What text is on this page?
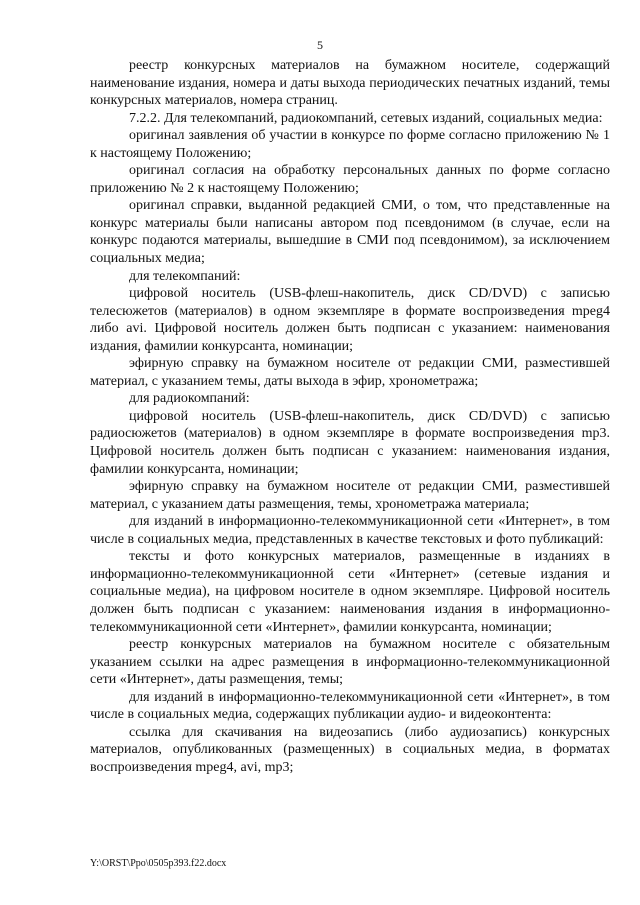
5

реестр конкурсных материалов на бумажном носителе, содержащий наименование издания, номера и даты выхода периодических печатных изданий, темы конкурсных материалов, номера страниц.

7.2.2. Для телекомпаний, радиокомпаний, сетевых изданий, социальных медиа:

оригинал заявления об участии в конкурсе по форме согласно приложению № 1 к настоящему Положению;

оригинал согласия на обработку персональных данных по форме согласно приложению № 2 к настоящему Положению;

оригинал справки, выданной редакцией СМИ, о том, что представленные на конкурс материалы были написаны автором под псевдонимом (в случае, если на конкурс подаются материалы, вышедшие в СМИ под псевдонимом), за исключением социальных медиа;

для телекомпаний:

цифровой носитель (USB-флеш-накопитель, диск CD/DVD) с записью телесюжетов (материалов) в одном экземпляре в формате воспроизведения mpeg4 либо avi. Цифровой носитель должен быть подписан с указанием: наименования издания, фамилии конкурсанта, номинации;

эфирную справку на бумажном носителе от редакции СМИ, разместившей материал, с указанием темы, даты выхода в эфир, хронометража;

для радиокомпаний:

цифровой носитель (USB-флеш-накопитель, диск CD/DVD) с записью радиосюжетов (материалов) в одном экземпляре в формате воспроизведения mp3. Цифровой носитель должен быть подписан с указанием: наименования издания, фамилии конкурсанта, номинации;

эфирную справку на бумажном носителе от редакции СМИ, разместившей материал, с указанием даты размещения, темы, хронометража материала;

для изданий в информационно-телекоммуникационной сети «Интернет», в том числе в социальных медиа, представленных в качестве текстовых и фото публикаций:

тексты и фото конкурсных материалов, размещенные в изданиях в информационно-телекоммуникационной сети «Интернет» (сетевые издания и социальные медиа), на цифровом носителе в одном экземпляре. Цифровой носитель должен быть подписан с указанием: наименования издания в информационно-телекоммуникационной сети «Интернет», фамилии конкурсанта, номинации;

реестр конкурсных материалов на бумажном носителе с обязательным указанием ссылки на адрес размещения в информационно-телекоммуникационной сети «Интернет», даты размещения, темы;

для изданий в информационно-телекоммуникационной сети «Интернет», в том числе в социальных медиа, содержащих публикации аудио- и видеоконтента:

ссылка для скачивания на видеозапись (либо аудиозапись) конкурсных материалов, опубликованных (размещенных) в социальных медиа, в форматах воспроизведения mpeg4, avi, mp3;

Y:\ORST\Ppo\0505p393.f22.docx
